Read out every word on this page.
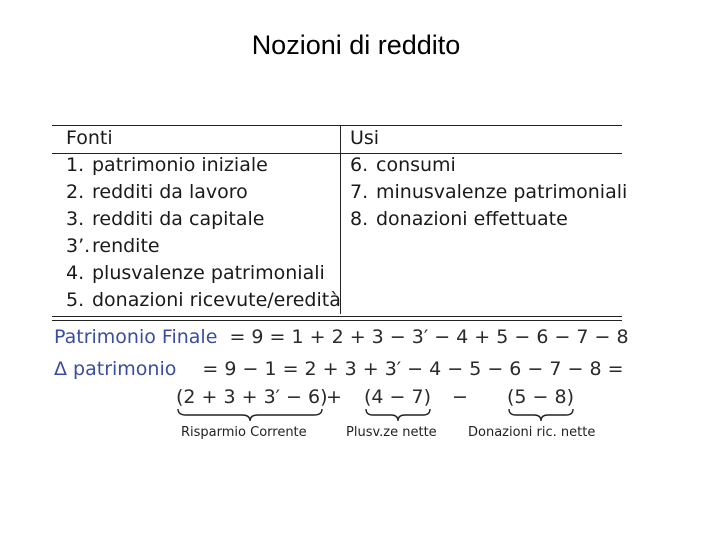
Nozioni di reddito
Fonti	Usi
1. patrimonio iniziale
2. redditi da lavoro
3. redditi da capitale
3’.rendite
4. plusvalenze patrimoniali
5. donazioni ricevute/eredità
6. consumi
7. minusvalenze patrimoniali
8. donazioni effettuate
Patrimonio Finale = 9 = 1 + 2 + 3 − 3′ − 4 + 5 − 6 − 7 − 8
Δ patrimonio = 9 − 1 = 2 + 3 + 3′ − 4 − 5 − 6 − 7 − 8 =
(2 + 3 + 3′ − 6)
+ (4 − 7) − (5 − 8)
Risparmio Corrente	Plusv.ze nette Donazioni ric. nette
